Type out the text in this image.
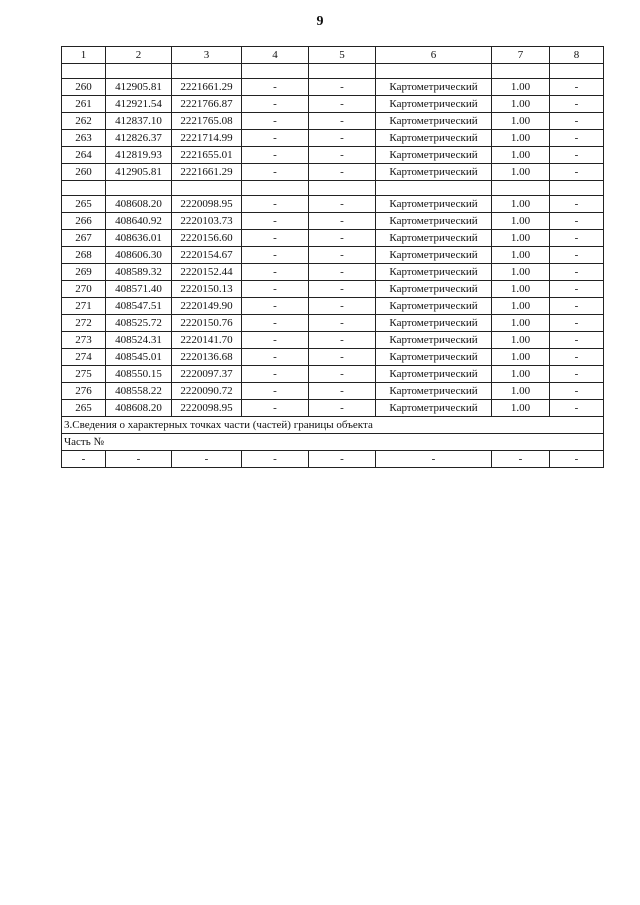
9
1	2	3	4	5	6	7	8

260	412905.81	2221661.29	-	-	Картометрический	1.00	-
261	412921.54	2221766.87	-	-	Картометрический	1.00	-
262	412837.10	2221765.08	-	-	Картометрический	1.00	-
263	412826.37	2221714.99	-	-	Картометрический	1.00	-
264	412819.93	2221655.01	-	-	Картометрический	1.00	-
260	412905.81	2221661.29	-	-	Картометрический	1.00	-

265	408608.20	2220098.95	-	-	Картометрический	1.00	-
266	408640.92	2220103.73	-	-	Картометрический	1.00	-
267	408636.01	2220156.60	-	-	Картометрический	1.00	-
268	408606.30	2220154.67	-	-	Картометрический	1.00	-
269	408589.32	2220152.44	-	-	Картометрический	1.00	-
270	408571.40	2220150.13	-	-	Картометрический	1.00	-
271	408547.51	2220149.90	-	-	Картометрический	1.00	-
272	408525.72	2220150.76	-	-	Картометрический	1.00	-
273	408524.31	2220141.70	-	-	Картометрический	1.00	-
274	408545.01	2220136.68	-	-	Картометрический	1.00	-
275	408550.15	2220097.37	-	-	Картометрический	1.00	-
276	408558.22	2220090.72	-	-	Картометрический	1.00	-
265	408608.20	2220098.95	-	-	Картометрический	1.00	-
3.Сведения о характерных точках части (частей) границы объекта							
Часть №							
-	-	-	-	-	-	-	-
